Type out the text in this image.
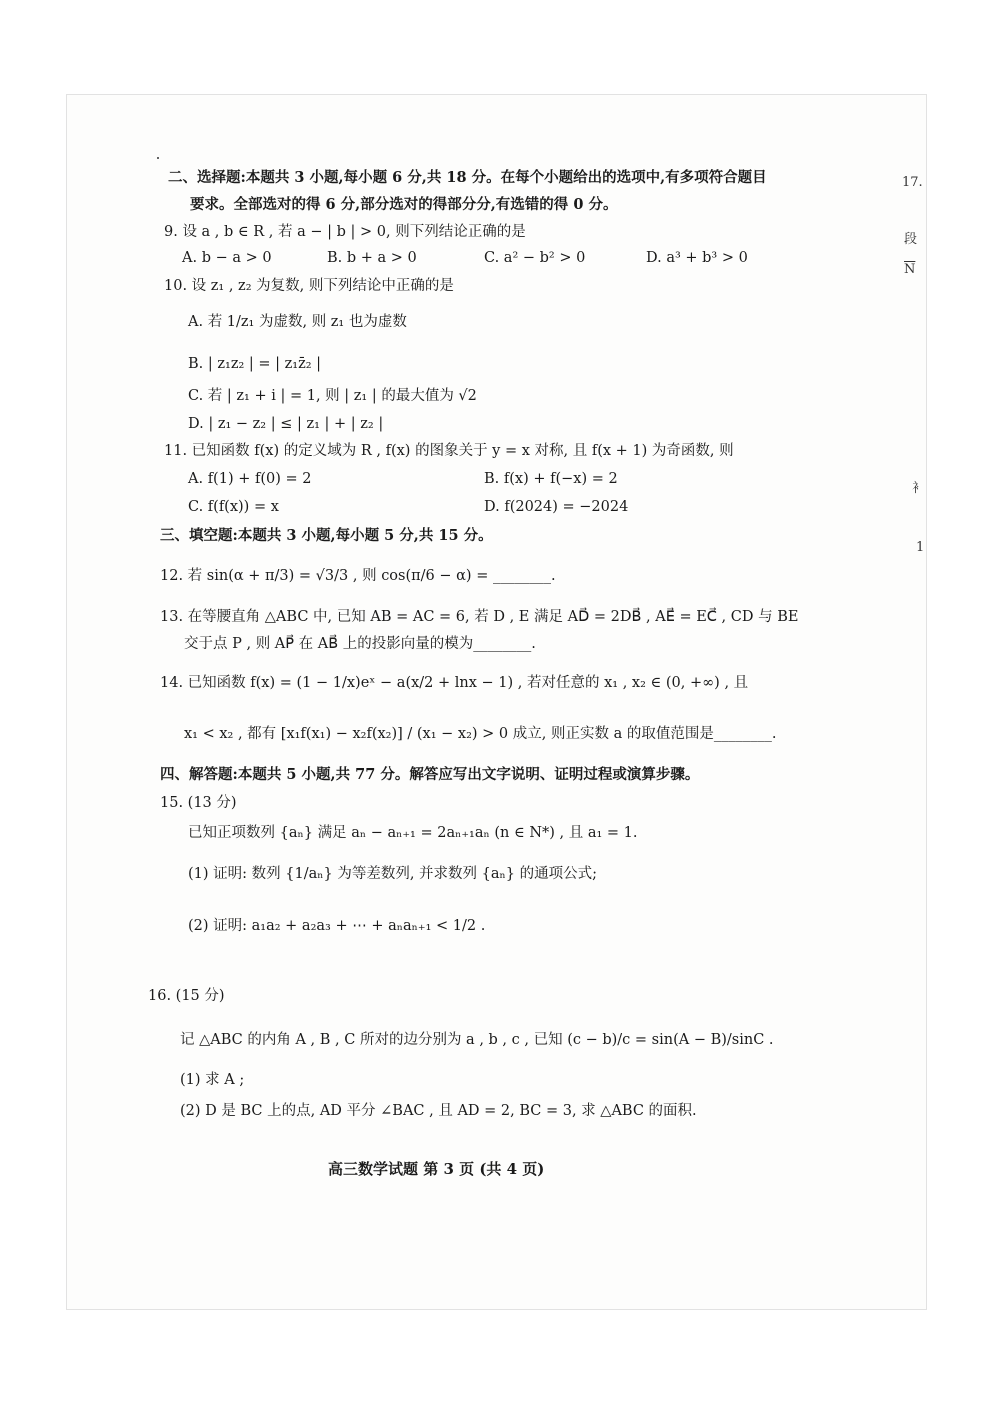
17.
段
$\overline{N}$
衤
1
二、选择题:本题共 3 小题,每小题 6 分,共 18 分。在每个小题给出的选项中,有多项符合题目
要求。全部选对的得 6 分,部分选对的得部分分,有选错的得 0 分。
9. 设 a , b ∈ R , 若 a − | b | > 0, 则下列结论正确的是
A. b − a > 0	B. b + a > 0	C. a² − b² > 0	D. a³ + b³ > 0
10. 设 z₁ , z₂ 为复数, 则下列结论中正确的是
A. 若 1/z₁ 为虚数, 则 z₁ 也为虚数
B. | z₁z₂ | = | z₁z̄₂ |
C. 若 | z₁ + i | = 1, 则 | z₁ | 的最大值为 √2
D. | z₁ − z₂ | ≤ | z₁ | + | z₂ |
11. 已知函数 f(x) 的定义域为 R , f(x) 的图象关于 y = x 对称, 且 f(x + 1) 为奇函数, 则
A. f(1) + f(0) = 2	B. f(x) + f(−x) = 2
C. f(f(x)) = x	D. f(2024) = −2024
三、填空题:本题共 3 小题,每小题 5 分,共 15 分。
12. 若 sin(α + π/3) = √3/3 , 则 cos(π/6 − α) = ________.
13. 在等腰直角 △ABC 中, 已知 AB = AC = 6, 若 D , E 满足 AD⃗ = 2DB⃗ , AE⃗ = EC⃗ , CD 与 BE
交于点 P , 则 AP⃗ 在 AB⃗ 上的投影向量的模为________.
14. 已知函数 f(x) = (1 − 1/x)eˣ − a(x/2 + lnx − 1) , 若对任意的 x₁ , x₂ ∈ (0, +∞) , 且
x₁ < x₂ , 都有 [x₁f(x₁) − x₂f(x₂)] / (x₁ − x₂) > 0 成立, 则正实数 a 的取值范围是________.
四、解答题:本题共 5 小题,共 77 分。解答应写出文字说明、证明过程或演算步骤。
15. (13 分)
已知正项数列 {aₙ} 满足 aₙ − aₙ₊₁ = 2aₙ₊₁aₙ (n ∈ N*) , 且 a₁ = 1.
(1) 证明: 数列 {1/aₙ} 为等差数列, 并求数列 {aₙ} 的通项公式;
(2) 证明: a₁a₂ + a₂a₃ + ⋯ + aₙaₙ₊₁ < 1/2 .
16. (15 分)
记 △ABC 的内角 A , B , C 所对的边分别为 a , b , c , 已知 (c − b)/c = sin(A − B)/sinC .
(1) 求 A ;
(2) D 是 BC 上的点, AD 平分 ∠BAC , 且 AD = 2, BC = 3, 求 △ABC 的面积.
高三数学试题 第 3 页 (共 4 页)
